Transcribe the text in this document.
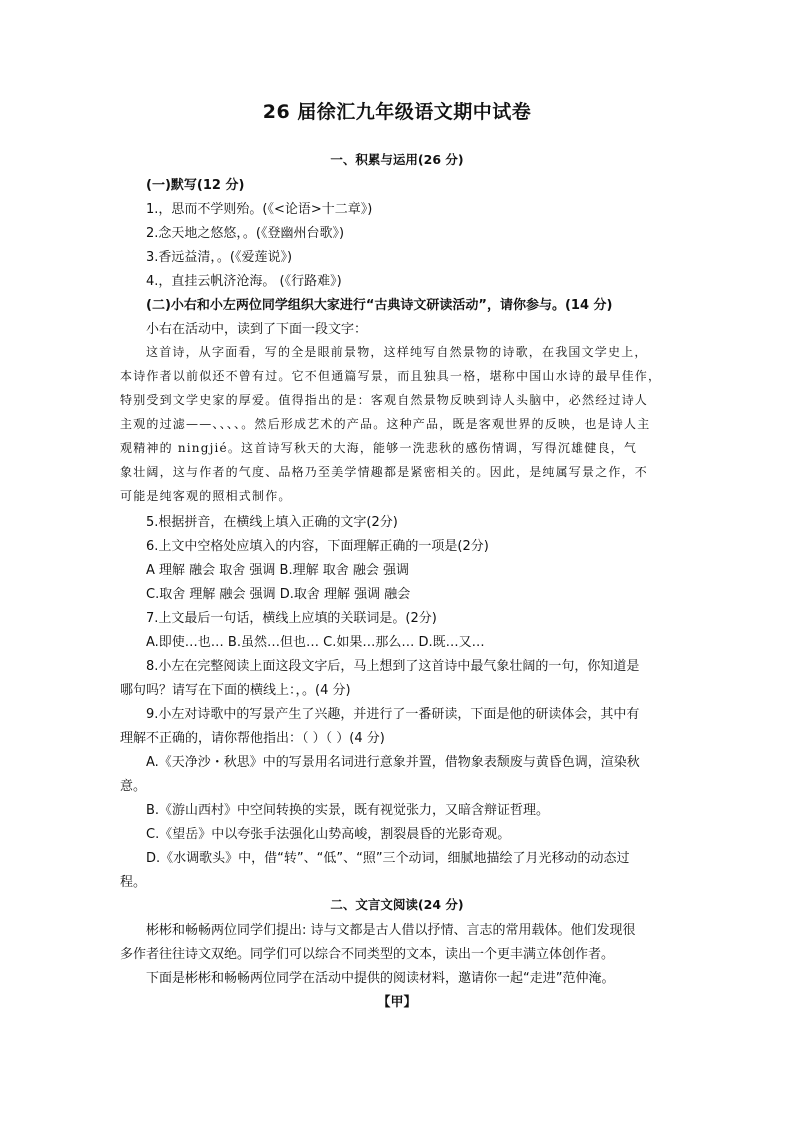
26 届徐汇九年级语文期中试卷
一、积累与运用(26 分)
(一)默写(12 分)
1.，思而不学则殆。(《<论语>十二章》)
2.念天地之悠悠，。(《登幽州台歌》)
3.香远益清，。(《爱莲说》)
4.，直挂云帆济沧海。 (《行路难》)
(二)小右和小左两位同学组织大家进行“古典诗文研读活动”，请你参与。(14 分)
小右在活动中，读到了下面一段文字：
这首诗，从字面看，写的全是眼前景物，这样纯写自然景物的诗歌，在我国文学史上，
本诗作者以前似还不曾有过。它不但通篇写景，而且独具一格，堪称中国山水诗的最早佳作，
特别受到文学史家的厚爱。值得指出的是：客观自然景物反映到诗人头脑中，必然经过诗人
主观的过滤——、、、、。然后形成艺术的产品。这种产品，既是客观世界的反映，也是诗人主
观精神的 ningjié。这首诗写秋天的大海，能够一洗悲秋的感伤情调，写得沉雄健良，气
象壮阔，这与作者的气度、品格乃至美学情趣都是紧密相关的。因此，是纯属写景之作，不
可能是纯客观的照相式制作。
5.根据拼音，在横线上填入正确的文字(2分)
6.上文中空格处应填入的内容，下面理解正确的一项是(2分)
A 理解 融会 取舍 强调 B.理解 取舍 融会 强调
C.取舍 理解 融会 强调 D.取舍 理解 强调 融会
7.上文最后一句话，横线上应填的关联词是。(2分)
A.即使…也… B.虽然…但也… C.如果…那么… D.既…又…
8.小左在完整阅读上面这段文字后，马上想到了这首诗中最气象壮阔的一句，你知道是
哪句吗？请写在下面的横线上：，。(4 分)
9.小左对诗歌中的写景产生了兴趣，并进行了一番研读，下面是他的研读体会，其中有
理解不正确的，请你帮他指出：（ ）（ ）(4 分)
A.《天净沙・秋思》中的写景用名词进行意象并置，借物象表颓废与黄昏色调，渲染秋
意。
B.《游山西村》中空间转换的实景，既有视觉张力，又暗含辩证哲理。
C.《望岳》中以夸张手法强化山势高峻，割裂晨昏的光影奇观。
D.《水调歌头》中，借“转”、“低”、“照”三个动词，细腻地描绘了月光移动的动态过
程。
二、文言文阅读(24 分)
彬彬和畅畅两位同学们提出: 诗与文都是古人借以抒情、言志的常用载体。他们发现很
多作者往往诗文双绝。同学们可以综合不同类型的文本，读出一个更丰满立体创作者。
下面是彬彬和畅畅两位同学在活动中提供的阅读材料，邀请你一起“走进”范仲淹。
【甲】
